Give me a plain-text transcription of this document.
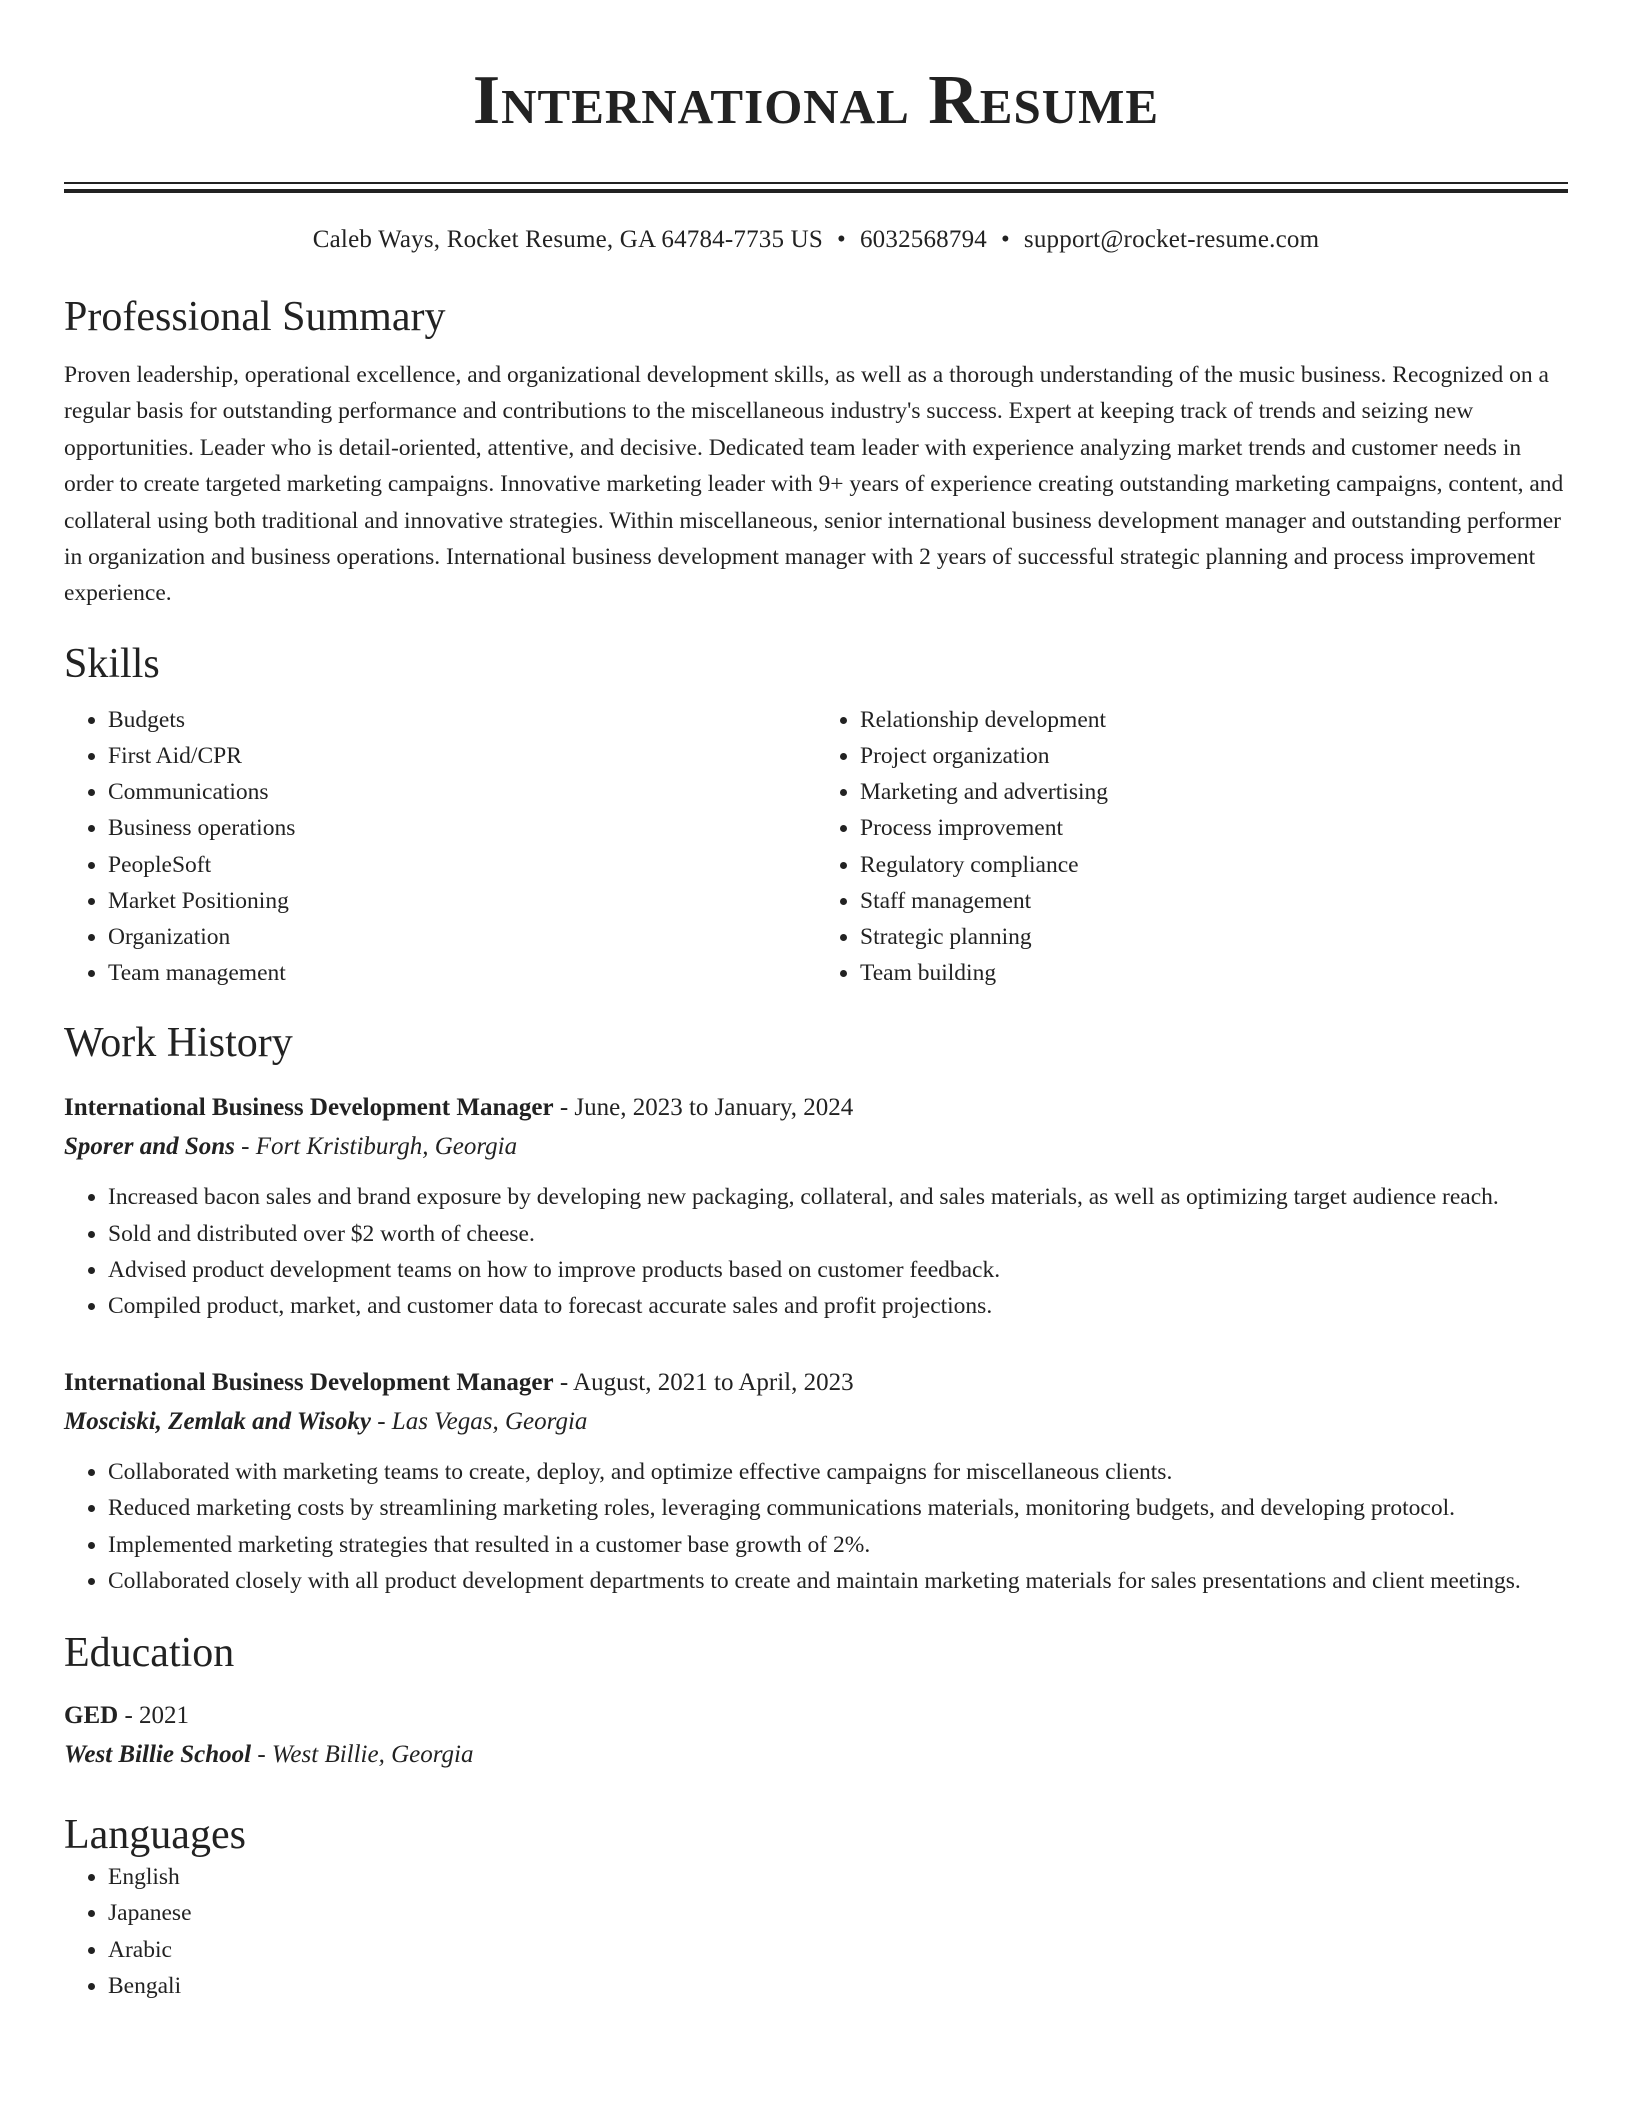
International Resume
Caleb Ways, Rocket Resume, GA 64784-7735 US • 6032568794 • support@rocket-resume.com
Professional Summary
Proven leadership, operational excellence, and organizational development skills, as well as a thorough understanding of the music business. Recognized on a regular basis for outstanding performance and contributions to the miscellaneous industry's success. Expert at keeping track of trends and seizing new opportunities. Leader who is detail-oriented, attentive, and decisive. Dedicated team leader with experience analyzing market trends and customer needs in order to create targeted marketing campaigns. Innovative marketing leader with 9+ years of experience creating outstanding marketing campaigns, content, and collateral using both traditional and innovative strategies. Within miscellaneous, senior international business development manager and outstanding performer in organization and business operations. International business development manager with 2 years of successful strategic planning and process improvement experience.
Skills
• Budgets
• First Aid/CPR
• Communications
• Business operations
• PeopleSoft
• Market Positioning
• Organization
• Team management
• Relationship development
• Project organization
• Marketing and advertising
• Process improvement
• Regulatory compliance
• Staff management
• Strategic planning
• Team building
Work History
International Business Development Manager - June, 2023 to January, 2024
Sporer and Sons - Fort Kristiburgh, Georgia
• Increased bacon sales and brand exposure by developing new packaging, collateral, and sales materials, as well as optimizing target audience reach.
• Sold and distributed over $2 worth of cheese.
• Advised product development teams on how to improve products based on customer feedback.
• Compiled product, market, and customer data to forecast accurate sales and profit projections.
International Business Development Manager - August, 2021 to April, 2023
Mosciski, Zemlak and Wisoky - Las Vegas, Georgia
• Collaborated with marketing teams to create, deploy, and optimize effective campaigns for miscellaneous clients.
• Reduced marketing costs by streamlining marketing roles, leveraging communications materials, monitoring budgets, and developing protocol.
• Implemented marketing strategies that resulted in a customer base growth of 2%.
• Collaborated closely with all product development departments to create and maintain marketing materials for sales presentations and client meetings.
Education
GED - 2021
West Billie School - West Billie, Georgia
Languages
• English
• Japanese
• Arabic
• Bengali
